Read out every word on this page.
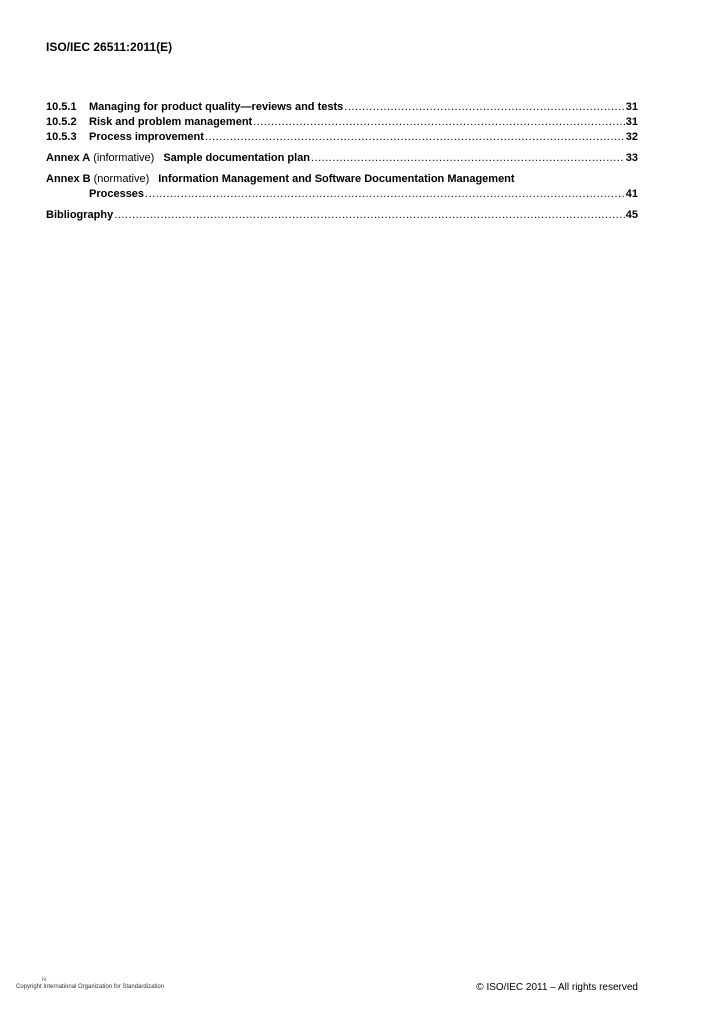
ISO/IEC 26511:2011(E)
10.5.1	Managing for product quality—reviews and tests .....	31
10.5.2	Risk and problem management .....	31
10.5.3	Process improvement .....	32
Annex A (informative) Sample documentation plan .....	33
Annex B (normative) Information Management and Software Documentation Management
Processes .....	41
Bibliography .....	45
iv
Copyright International Organization for Standardization	© ISO/IEC 2011 – All rights reserved
